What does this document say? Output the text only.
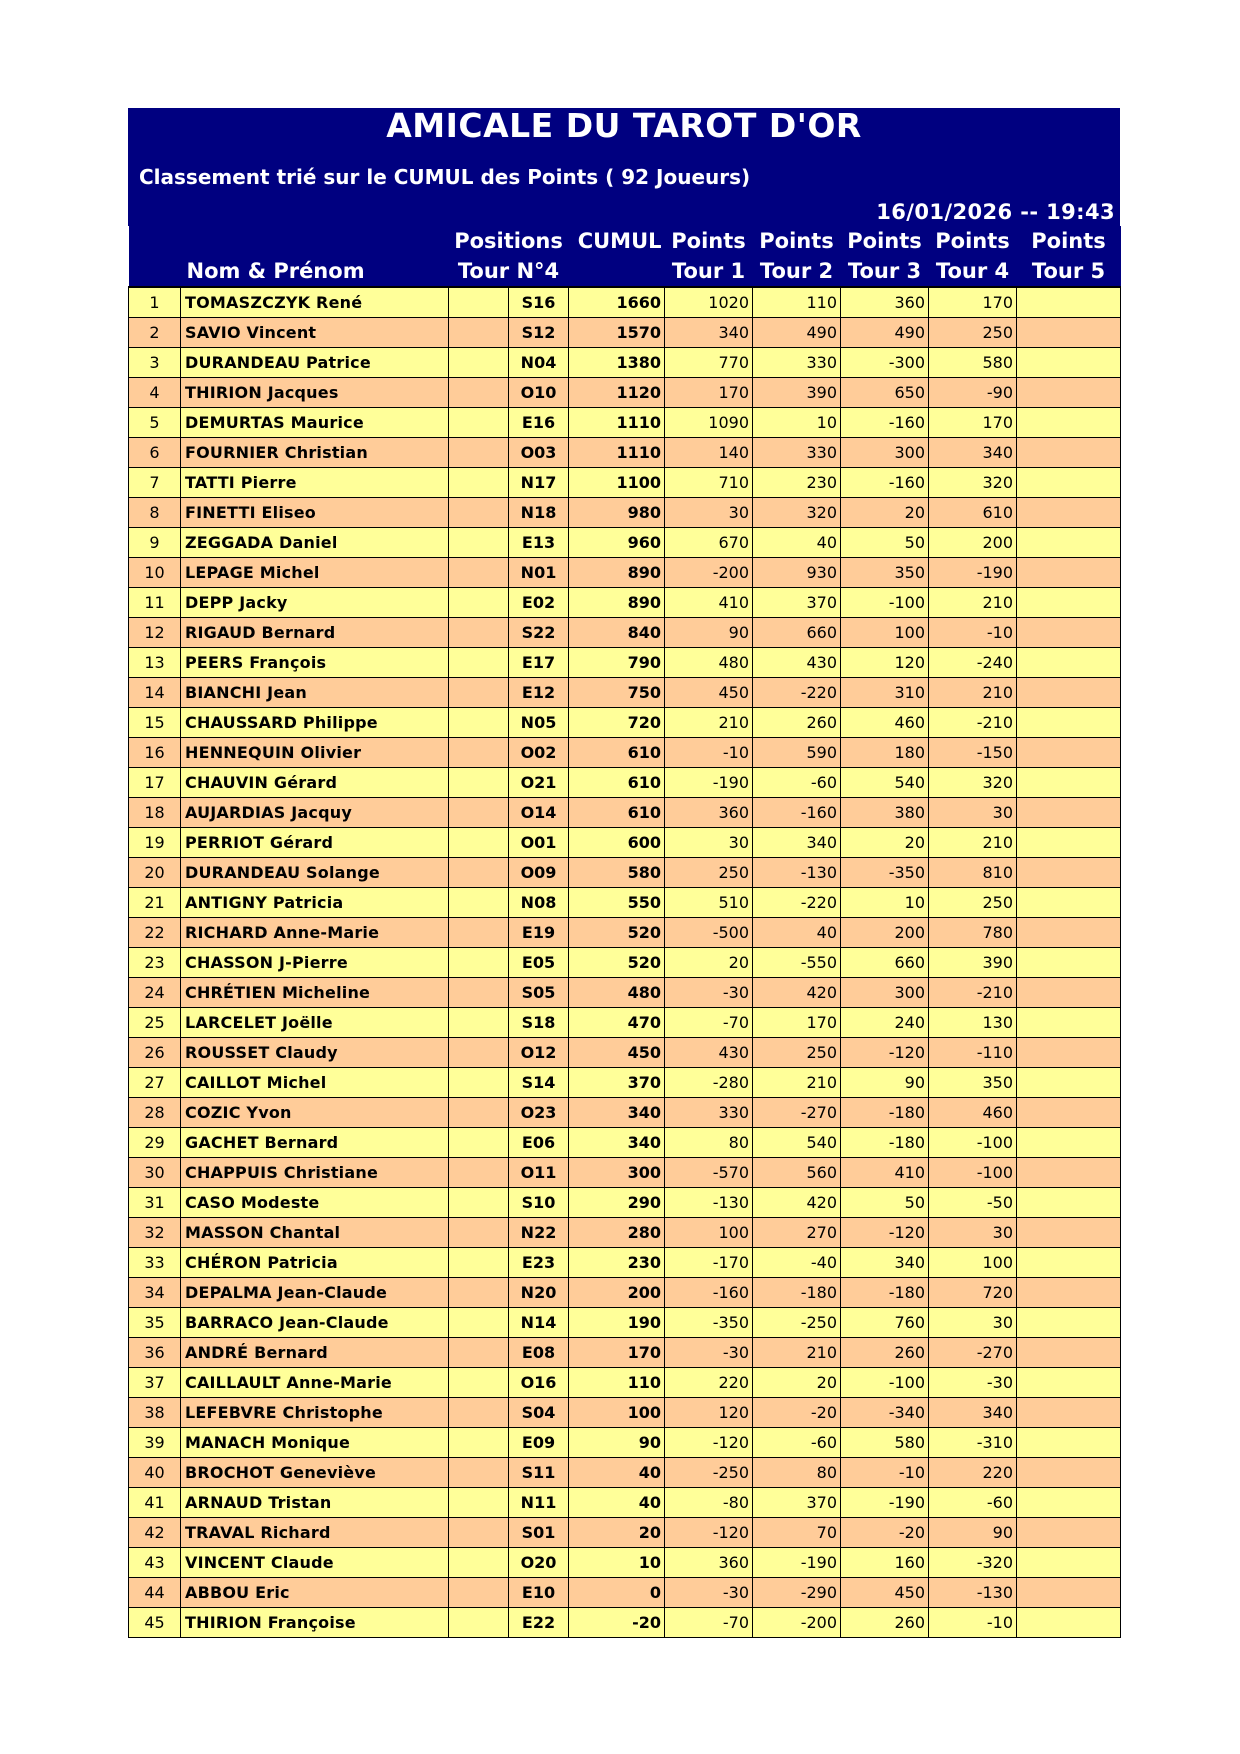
AMICALE DU TAROT D'OR
Classement trié sur le CUMUL des Points ( 92 Joueurs)
16/01/2026 -- 19:43
		Positions		CUMUL	Points	Points	Points	Points	Points
Nom & Prénom		Tour N°4			Tour 1	Tour 2	Tour 3	Tour 4	Tour 5
1	TOMASZCZYK René		S16	1660	1020	110	360	170	
2	SAVIO Vincent		S12	1570	340	490	490	250	
3	DURANDEAU Patrice		N04	1380	770	330	-300	580	
4	THIRION Jacques		O10	1120	170	390	650	-90	
5	DEMURTAS Maurice		E16	1110	1090	10	-160	170	
6	FOURNIER Christian		O03	1110	140	330	300	340	
7	TATTI Pierre		N17	1100	710	230	-160	320	
8	FINETTI Eliseo		N18	980	30	320	20	610	
9	ZEGGADA Daniel		E13	960	670	40	50	200	
10	LEPAGE Michel		N01	890	-200	930	350	-190	
11	DEPP Jacky		E02	890	410	370	-100	210	
12	RIGAUD Bernard		S22	840	90	660	100	-10	
13	PEERS François		E17	790	480	430	120	-240	
14	BIANCHI Jean		E12	750	450	-220	310	210	
15	CHAUSSARD Philippe		N05	720	210	260	460	-210	
16	HENNEQUIN Olivier		O02	610	-10	590	180	-150	
17	CHAUVIN Gérard		O21	610	-190	-60	540	320	
18	AUJARDIAS Jacquy		O14	610	360	-160	380	30	
19	PERRIOT Gérard		O01	600	30	340	20	210	
20	DURANDEAU Solange		O09	580	250	-130	-350	810	
21	ANTIGNY Patricia		N08	550	510	-220	10	250	
22	RICHARD Anne-Marie		E19	520	-500	40	200	780	
23	CHASSON J-Pierre		E05	520	20	-550	660	390	
24	CHRÉTIEN Micheline		S05	480	-30	420	300	-210	
25	LARCELET Joëlle		S18	470	-70	170	240	130	
26	ROUSSET Claudy		O12	450	430	250	-120	-110	
27	CAILLOT Michel		S14	370	-280	210	90	350	
28	COZIC Yvon		O23	340	330	-270	-180	460	
29	GACHET Bernard		E06	340	80	540	-180	-100	
30	CHAPPUIS Christiane		O11	300	-570	560	410	-100	
31	CASO Modeste		S10	290	-130	420	50	-50	
32	MASSON Chantal		N22	280	100	270	-120	30	
33	CHÉRON Patricia		E23	230	-170	-40	340	100	
34	DEPALMA Jean-Claude		N20	200	-160	-180	-180	720	
35	BARRACO Jean-Claude		N14	190	-350	-250	760	30	
36	ANDRÉ Bernard		E08	170	-30	210	260	-270	
37	CAILLAULT Anne-Marie		O16	110	220	20	-100	-30	
38	LEFEBVRE Christophe		S04	100	120	-20	-340	340	
39	MANACH Monique		E09	90	-120	-60	580	-310	
40	BROCHOT Geneviève		S11	40	-250	80	-10	220	
41	ARNAUD Tristan		N11	40	-80	370	-190	-60	
42	TRAVAL Richard		S01	20	-120	70	-20	90	
43	VINCENT Claude		O20	10	360	-190	160	-320	
44	ABBOU Eric		E10	0	-30	-290	450	-130	
45	THIRION Françoise		E22	-20	-70	-200	260	-10	
